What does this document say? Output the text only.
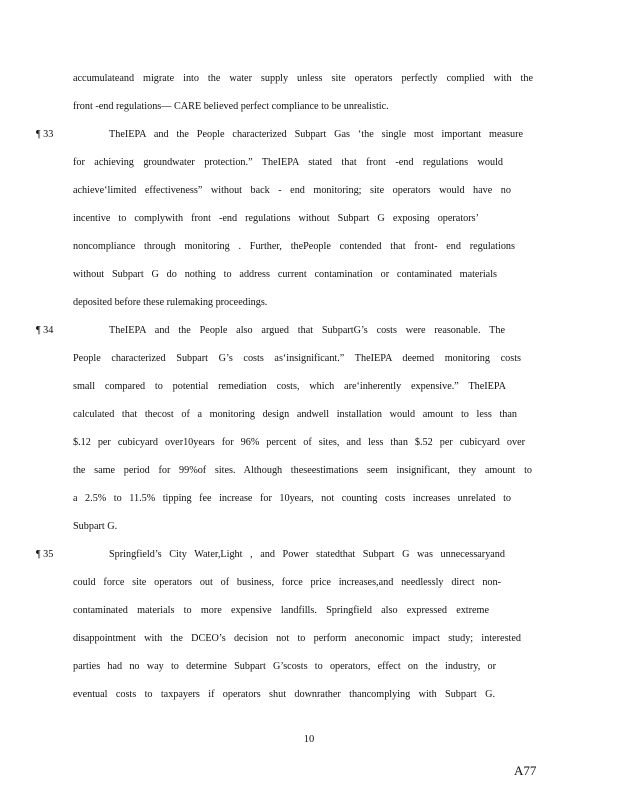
accumulateand migrate into the water supply unless site operators perfectly complied with the
front -end regulations— CARE believed perfect compliance to be unrealistic.
¶ 33	TheIEPA and the People characterized Subpart Gas ‘the single most important measure
for achieving groundwater protection.” TheIEPA stated that front -end regulations would
achieve‘limited effectiveness” without back - end monitoring; site operators would have no
incentive to complywith front -end regulations without Subpart G exposing operators’
noncompliance through monitoring . Further, thePeople contended that front- end regulations
without Subpart G do nothing to address current contamination or contaminated materials
deposited before these rulemaking proceedings.
¶ 34	TheIEPA and the People also argued that SubpartG’s costs were reasonable. The
People characterized Subpart G’s costs as‘insignificant.” TheIEPA deemed monitoring costs
small compared to potential remediation costs, which are‘inherently expensive.” TheIEPA
calculated that thecost of a monitoring design andwell installation would amount to less than
$.12 per cubicyard over10years for 96% percent of sites, and less than $.52 per cubicyard over
the same period for 99%of sites. Although theseestimations seem insignificant, they amount to
a 2.5% to 11.5% tipping fee increase for 10years, not counting costs increases unrelated to
Subpart G.
¶ 35	Springfield’s City Water,Light , and Power statedthat Subpart G was unnecessaryand
could force site operators out of business, force price increases,and needlessly direct non-
contaminated materials to more expensive landfills. Springfield also expressed extreme
disappointment with the DCEO’s decision not to perform aneconomic impact study; interested
parties had no way to determine Subpart G’scosts to operators, effect on the industry, or
eventual costs to taxpayers if operators shut downrather thancomplying with Subpart G.
10
A77
